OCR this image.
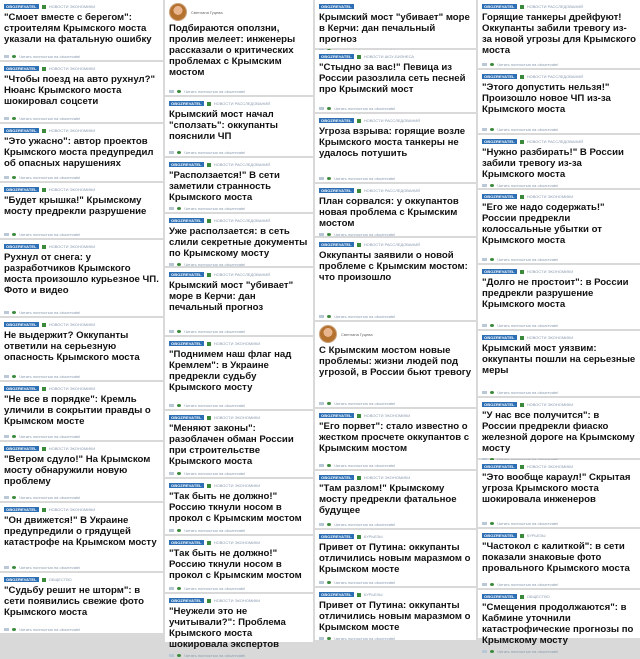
OBOZREVATEL	НОВОСТИ ЭКОНОМИКИ
"Смоет вместе с берегом": строителям Крымского моста указали на фатальную ошибку
Читать полностью на obozrevatel
OBOZREVATEL	НОВОСТИ ЭКОНОМИКИ
"Чтобы поезд на авто рухнул?" Нюанс Крымского моста шокировал соцсети
Читать полностью на obozrevatel
OBOZREVATEL	НОВОСТИ ЭКОНОМИКИ
"Это ужасно": автор проектов Крымского моста предупредил об опасных нарушениях
Читать полностью на obozrevatel
OBOZREVATEL	НОВОСТИ ЭКОНОМИКИ
"Будет крышка!" Крымскому мосту предрекли разрушение
Читать полностью на obozrevatel
OBOZREVATEL	НОВОСТИ ЭКОНОМИКИ
Рухнул от снега: у разработчиков Крымского моста произошло курьезное ЧП. Фото и видео
Читать полностью на obozrevatel
OBOZREVATEL	НОВОСТИ ЭКОНОМИКИ
Не выдержит? Оккупанты ответили на серьезную опасность Крымского моста
Читать полностью на obozrevatel
OBOZREVATEL	НОВОСТИ ЭКОНОМИКИ
"Не все в порядке": Кремль уличили в сокрытии правды о Крымском мосте
Читать полностью на obozrevatel
OBOZREVATEL	НОВОСТИ ЭКОНОМИКИ
"Ветром сдуло!" На Крымском мосту обнаружили новую проблему
Читать полностью на obozrevatel
OBOZREVATEL	НОВОСТИ ЭКОНОМИКИ
"Он движется!" В Украине предупредили о грядущей катастрофе на Крымском мосту
Читать полностью на obozrevatel
OBOZREVATEL	ОБЩЕСТВО
"Судьбу решит не шторм": в сети появились свежие фото Крымского моста
Читать полностью на obozrevatel
Светлана Гуцева
Подбираются оползни, пролив мелеет: инженеры рассказали о критических проблемах с Крымским мостом
Читать полностью на obozrevatel
OBOZREVATEL	НОВОСТИ РАССЛЕДОВАНИЙ
Крымский мост начал "сползать": оккупанты пояснили ЧП
Читать полностью на obozrevatel
OBOZREVATEL	НОВОСТИ РАССЛЕДОВАНИЙ
"Расползается!" В сети заметили странность Крымского моста
Читать полностью на obozrevatel
OBOZREVATEL	НОВОСТИ РАССЛЕДОВАНИЙ
Уже расползается: в сеть слили секретные документы по Крымскому мосту
Читать полностью на obozrevatel
OBOZREVATEL	НОВОСТИ РАССЛЕДОВАНИЙ
Крымский мост "убивает" море в Керчи: дан печальный прогноз
Читать полностью на obozrevatel
OBOZREVATEL	НОВОСТИ ЭКОНОМИКИ
"Поднимем наш флаг над Кремлем": в Украине предрекли судьбу Крымского мосту
Читать полностью на obozrevatel
OBOZREVATEL	НОВОСТИ ЭКОНОМИКИ
"Меняют законы": разоблачен обман России при строительстве Крымского моста
Читать полностью на obozrevatel
OBOZREVATEL	НОВОСТИ ЭКОНОМИКИ
"Так быть не должно!" Россию ткнули носом в прокол с Крымским мостом
Читать полностью на obozrevatel
OBOZREVATEL	НОВОСТИ ЭКОНОМИКИ
"Так быть не должно!" Россию ткнули носом в прокол с Крымским мостом
Читать полностью на obozrevatel
OBOZREVATEL	НОВОСТИ ЭКОНОМИКИ
"Неужели это не учитывали?": Проблема Крымского моста шокировала экспертов
Читать полностью на obozrevatel
OBOZREVATEL
Крымский мост "убивает" море в Керчи: дан печальный прогноз
OBOZREVATEL	НОВОСТИ ШОУ-БИЗНЕСА
"Стыдно за вас!" Певица из России разозлила сеть песней про Крымский мост
Читать полностью на obozrevatel
OBOZREVATEL	НОВОСТИ РАССЛЕДОВАНИЙ
Угроза взрыва: горящие возле Крымского моста танкеры не удалось потушить
Читать полностью на obozrevatel
OBOZREVATEL	НОВОСТИ РАССЛЕДОВАНИЙ
План сорвался: у оккупантов новая проблема с Крымским мостом
Читать полностью на obozrevatel
OBOZREVATEL	НОВОСТИ РАССЛЕДОВАНИЙ
Оккупанты заявили о новой проблеме с Крымским мостом: что произошло
Читать полностью на obozrevatel
Светлана Гуцева
С Крымским мостом новые проблемы: жизни людей под угрозой, в России бьют тревогу
Читать полностью на obozrevatel
OBOZREVATEL	НОВОСТИ ЭКОНОМИКИ
"Его порвет": стало известно о жестком просчете оккупантов с Крымским мостом
Читать полностью на obozrevatel
OBOZREVATEL	НОВОСТИ ЭКОНОМИКИ
"Там разлом!" Крымскому мосту предрекли фатальное будущее
Читать полностью на obozrevatel
OBOZREVATEL	КУРЬЕЗЫ
Привет от Путина: оккупанты отличились новым маразмом о Крымском мосте
Читать полностью на obozrevatel
OBOZREVATEL	КУРЬЕЗЫ
Привет от Путина: оккупанты отличились новым маразмом о Крымском мосте
Читать полностью на obozrevatel
OBOZREVATEL	НОВОСТИ РАССЛЕДОВАНИЙ
Горящие танкеры дрейфуют! Оккупанты забили тревогу из-за новой угрозы для Крымского моста
Читать полностью на obozrevatel
OBOZREVATEL	НОВОСТИ РАССЛЕДОВАНИЙ
"Этого допустить нельзя!" Произошло новое ЧП из-за Крымского моста
Читать полностью на obozrevatel
OBOZREVATEL	НОВОСТИ РАССЛЕДОВАНИЙ
"Нужно разбирать!" В России забили тревогу из-за Крымского моста
Читать полностью на obozrevatel
OBOZREVATEL	НОВОСТИ ЭКОНОМИКИ
"Его же надо содержать!" России предрекли колоссальные убытки от Крымского моста
Читать полностью на obozrevatel
OBOZREVATEL	НОВОСТИ ЭКОНОМИКИ
"Долго не простоит": в России предрекли разрушение Крымского моста
Читать полностью на obozrevatel
OBOZREVATEL	НОВОСТИ ЭКОНОМИКИ
Крымский мост уязвим: оккупанты пошли на серьезные меры
Читать полностью на obozrevatel
OBOZREVATEL	НОВОСТИ ЭКОНОМИКИ
"У нас все получится": в России предрекли фиаско железной дороге на Крымскому мосту
OBOZREVATEL	НОВОСТИ ЭКОНОМИКИ
"Это вообще караул!" Скрытая угроза Крымского моста шокировала инженеров
Читать полностью на obozrevatel
OBOZREVATEL	КУРЬЕЗЫ
"Частокол с калиткой": в сети показали знаковые фото провального Крымского моста
Читать полностью на obozrevatel
OBOZREVATEL	ОБЩЕСТВО
"Смещения продолжаются": в Кабмине уточнили катастрофические прогнозы по Крымскому мосту
Читать полностью на obozrevatel
